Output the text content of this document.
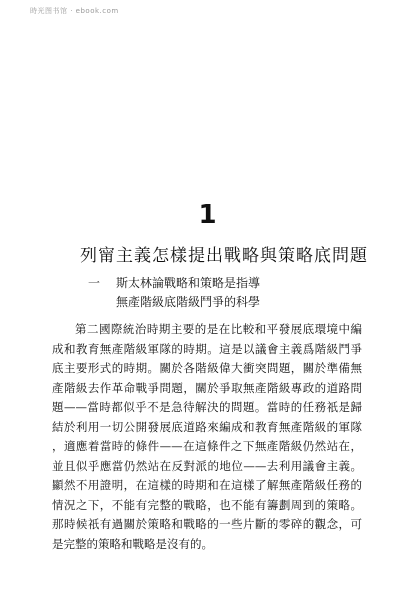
時光图书馆 · ebook.com
1
列甯主義怎樣提出戰略與策略底問題
一 斯太林論戰略和策略是指導
無產階級底階級鬥爭的科學
第二國際統治時期主要的是在比較和平發展底環境中編
成和教育無產階級軍隊的時期。這是以議會主義爲階級鬥爭
底主要形式的時期。關於各階級偉大衝突問題，關於準備無
產階級去作革命戰爭問題，關於爭取無產階級專政的道路問
題——當時都似乎不是急待解決的問題。當時的任務祇是歸
結於利用一切公開發展底道路來編成和教育無產階級的軍隊
，適應着當時的條件——在這條件之下無產階級仍然站在，
並且似乎應當仍然站在反對派的地位——去利用議會主義。
顯然不用證明，在這樣的時期和在這樣了解無產階級任務的
情況之下，不能有完整的戰略，也不能有籌劃周到的策略。
那時候祇有過關於策略和戰略的一些片斷的零碎的觀念，可
是完整的策略和戰略是沒有的。
